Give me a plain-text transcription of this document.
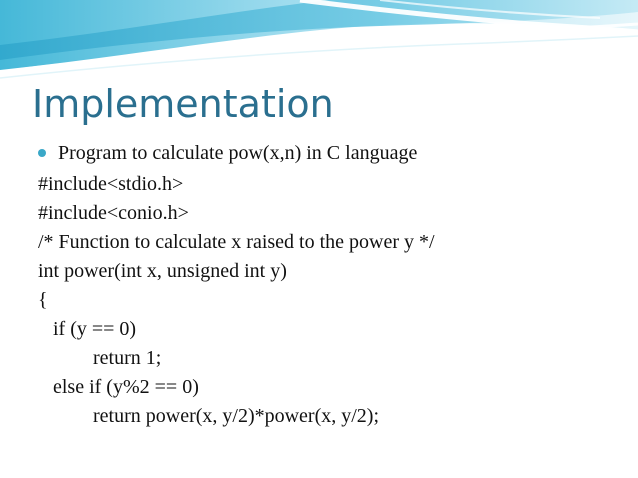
Implementation
Program to calculate pow(x,n) in C language
#include<stdio.h>
#include<conio.h>
/* Function to calculate x raised to the power y */
int power(int x, unsigned int y)
{
if (y == 0)
return 1;
else if (y%2 == 0)
return power(x, y/2)*power(x, y/2);
